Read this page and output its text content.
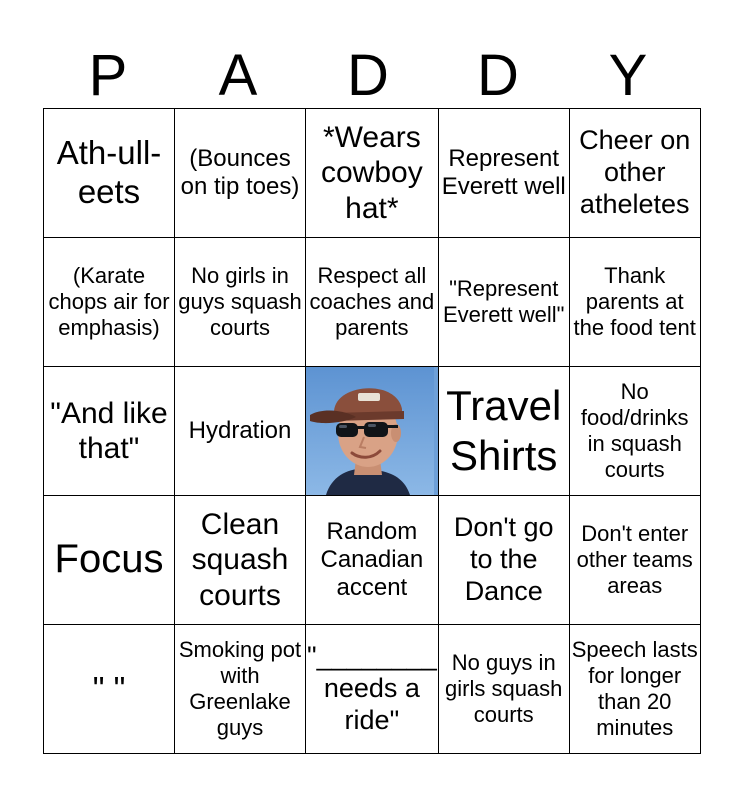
P	A	D	D	Y
Ath-ull-eets	(Bounces on tip toes)	*Wears cowboy hat*	Represent Everett well	Cheer on other atheletes
(Karate chops air for emphasis)	No girls in guys squash courts	Respect all coaches and parents	"Represent Everett well"	Thank parents at the food tent
"And like that"	Hydration		Travel Shirts	No food/drinks in squash courts
Focus	Clean squash courts	Random Canadian accent	Don't go to the Dance	Don't enter other teams areas
" "	Smoking pot with Greenlake guys	"________ needs a ride"	No guys in girls squash courts	Speech lasts for longer than 20 minutes
